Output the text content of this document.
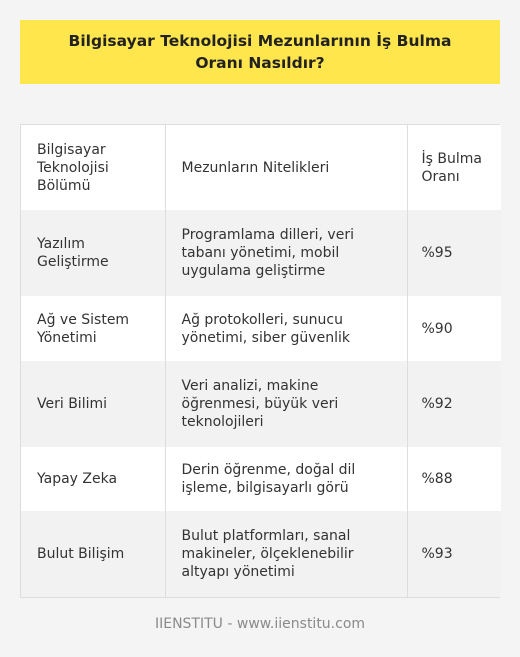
Bilgisayar Teknolojisi Mezunlarının İş Bulma Oranı Nasıldır?
Bilgisayar Teknolojisi Bölümü	Mezunların Nitelikleri	İş Bulma Oranı
Yazılım Geliştirme	Programlama dilleri, veri tabanı yönetimi, mobil uygulama geliştirme	%95
Ağ ve Sistem Yönetimi	Ağ protokolleri, sunucu yönetimi, siber güvenlik	%90
Veri Bilimi	Veri analizi, makine öğrenmesi, büyük veri teknolojileri	%92
Yapay Zeka	Derin öğrenme, doğal dil işleme, bilgisayarlı görü	%88
Bulut Bilişim	Bulut platformları, sanal makineler, ölçeklenebilir altyapı yönetimi	%93
IIENSTITU - www.iienstitu.com
